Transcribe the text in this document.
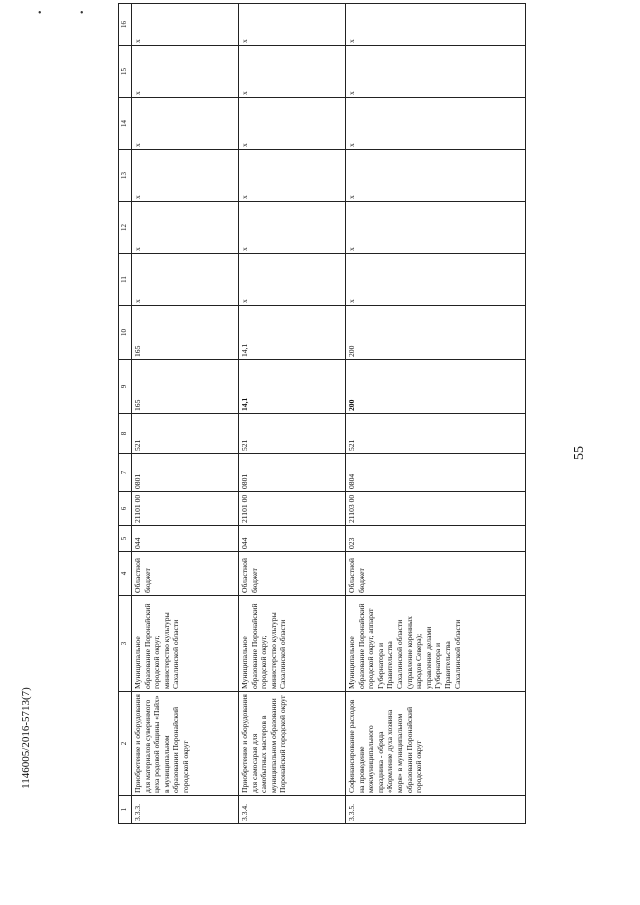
• •
55
1	2	3	4	5	6	7	8	9	10	11	12	13	14	15	16
3.3.3.	Приобретение и оборудования для материалов суверинмого цеха родовой общины «Пайх» в муниципальном образовании Поронайский городской округ	Муниципальное образование Поронайский городской округ, министерство культуры Сахалинской области	Областной бюджет	044	21101 00	0801	521	165	165	x	x	x	x	x	x
3.3.4.	Приобретение и оборудования для самосарая для самобытных мастеров в муниципальном образовании Поронайский городской округ	Муниципальное образование Поронайский городской округ, министерство культуры Сахалинской области	Областной бюджет	044	21101 00	0801	521	14,1	14,1	x	x	x	x	x	x
3.3.5.	Софинансирование расходов на проведение межмуниципального праздника - обряда «Кормление духа хозяина моря» в муниципальном образовании Поронайский городской округ	Муниципальное образование Поронайский городской округ, аппарат Губернатора и Правительства Сахалинской области (управление коренных народов Севера); управление делами Губернатора и Правительства Сахалинской области	Областной бюджет	023	21103 00	0804	521	200	200	x	x	x	x	x	x
1146005/2016-5713(7)
